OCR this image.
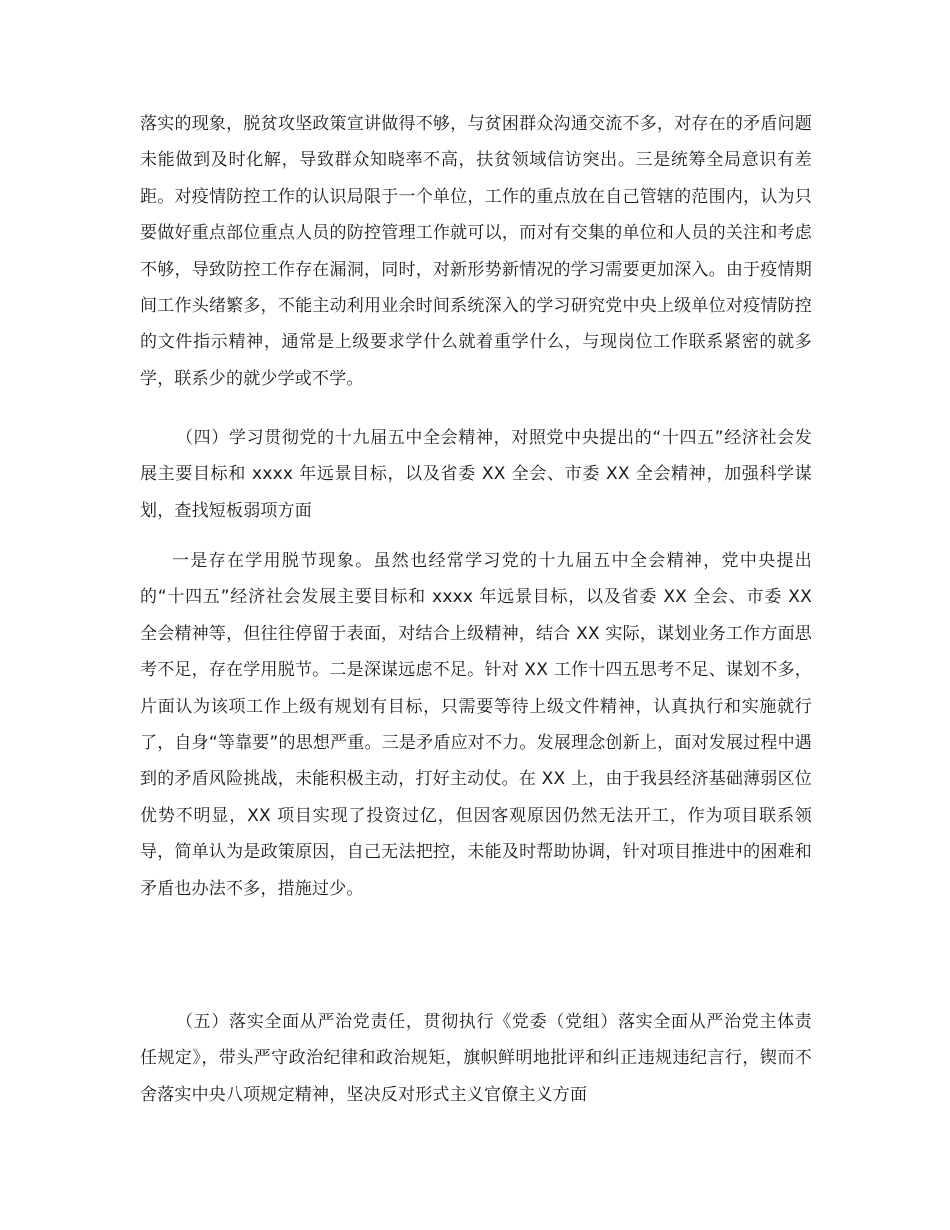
落实的现象，脱贫攻坚政策宣讲做得不够，与贫困群众沟通交流不多，对存在的矛盾问题未能做到及时化解，导致群众知晓率不高，扶贫领域信访突出。三是统筹全局意识有差距。对疫情防控工作的认识局限于一个单位，工作的重点放在自己管辖的范围内，认为只要做好重点部位重点人员的防控管理工作就可以，而对有交集的单位和人员的关注和考虑不够，导致防控工作存在漏洞，同时，对新形势新情况的学习需要更加深入。由于疫情期间工作头绪繁多，不能主动利用业余时间系统深入的学习研究党中央上级单位对疫情防控的文件指示精神，通常是上级要求学什么就着重学什么，与现岗位工作联系紧密的就多学，联系少的就少学或不学。

（四）学习贯彻党的十九届五中全会精神，对照党中央提出的“十四五”经济社会发展主要目标和 xxxx 年远景目标，以及省委 XX 全会、市委 XX 全会精神，加强科学谋划，查找短板弱项方面

一是存在学用脱节现象。虽然也经常学习党的十九届五中全会精神，党中央提出的“十四五”经济社会发展主要目标和 xxxx 年远景目标，以及省委 XX 全会、市委 XX 全会精神等，但往往停留于表面，对结合上级精神，结合 XX 实际，谋划业务工作方面思考不足，存在学用脱节。二是深谋远虑不足。针对 XX 工作十四五思考不足、谋划不多，片面认为该项工作上级有规划有目标，只需要等待上级文件精神，认真执行和实施就行了，自身“等靠要”的思想严重。三是矛盾应对不力。发展理念创新上，面对发展过程中遇到的矛盾风险挑战，未能积极主动，打好主动仗。在 XX 上，由于我县经济基础薄弱区位优势不明显，XX 项目实现了投资过亿，但因客观原因仍然无法开工，作为项目联系领导，简单认为是政策原因，自己无法把控，未能及时帮助协调，针对项目推进中的困难和矛盾也办法不多，措施过少。

（五）落实全面从严治党责任，贯彻执行《党委（党组）落实全面从严治党主体责任规定》，带头严守政治纪律和政治规矩，旗帜鲜明地批评和纠正违规违纪言行，锲而不舍落实中央八项规定精神，坚决反对形式主义官僚主义方面
